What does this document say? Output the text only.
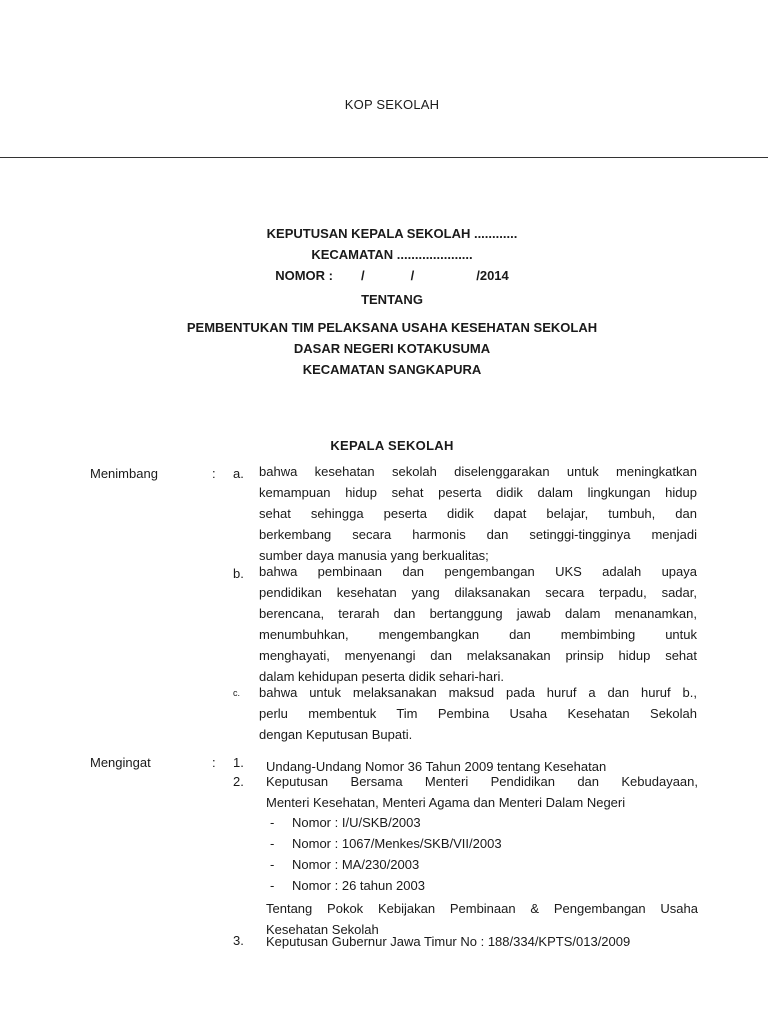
KOP SEKOLAH
KEPUTUSAN KEPALA SEKOLAH ............
KECAMATAN .....................
NOMOR : /	/	/2014
TENTANG
PEMBENTUKAN TIM PELAKSANA USAHA KESEHATAN SEKOLAH
DASAR NEGERI KOTAKUSUMA
KECAMATAN SANGKAPURA
KEPALA SEKOLAH
Menimbang	: a. bahwa kesehatan sekolah diselenggarakan untuk meningkatkan
kemampuan hidup sehat peserta didik dalam lingkungan hidup
sehat sehingga peserta didik dapat belajar, tumbuh, dan
berkembang secara harmonis dan setinggi-tingginya menjadi
sumber daya manusia yang berkualitas;
b. bahwa pembinaan dan pengembangan UKS adalah upaya
pendidikan kesehatan yang dilaksanakan secara terpadu, sadar,
berencana, terarah dan bertanggung jawab dalam menanamkan,
menumbuhkan, mengembangkan dan membimbing untuk
menghayati, menyenangi dan melaksanakan prinsip hidup sehat
dalam kehidupan peserta didik sehari-hari.
c. bahwa untuk melaksanakan maksud pada huruf a dan huruf b.,
perlu membentuk Tim Pembina Usaha Kesehatan Sekolah
dengan Keputusan Bupati.
Mengingat	: 1. Undang-Undang Nomor 36 Tahun 2009 tentang Kesehatan
2. Keputusan Bersama Menteri Pendidikan dan Kebudayaan,
Menteri Kesehatan, Menteri Agama dan Menteri Dalam Negeri
- Nomor : I/U/SKB/2003
- Nomor : 1067/Menkes/SKB/VII/2003
- Nomor : MA/230/2003
- Nomor : 26 tahun 2003
Tentang Pokok Kebijakan Pembinaan & Pengembangan Usaha
Kesehatan Sekolah
3. Keputusan Gubernur Jawa Timur No : 188/334/KPTS/013/2009
